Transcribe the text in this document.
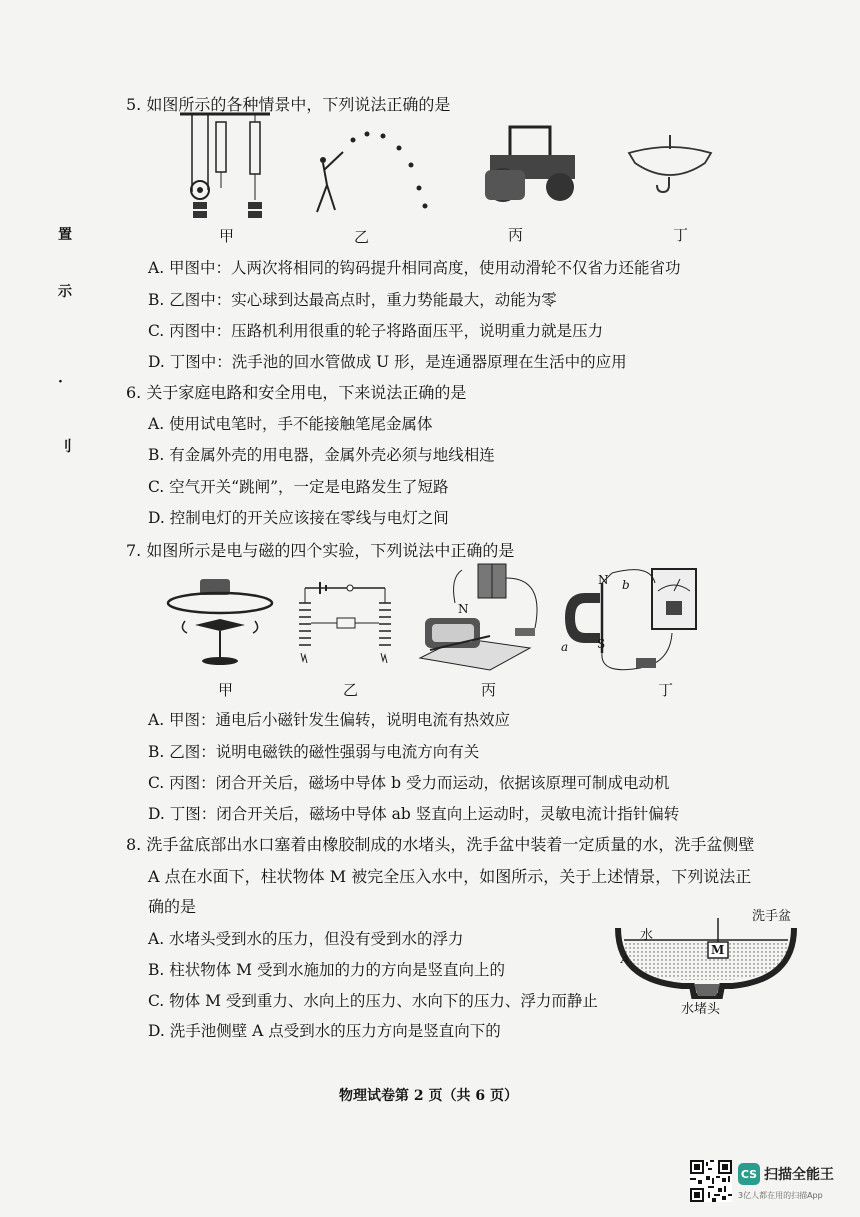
置
示
·
刂
5. 如图所示的各种情景中，下列说法正确的是
甲	乙	丙	丁
A. 甲图中：人两次将相同的钩码提升相同高度，使用动滑轮不仅省力还能省功
B. 乙图中：实心球到达最高点时，重力势能最大，动能为零
C. 丙图中：压路机利用很重的轮子将路面压平，说明重力就是压力
D. 丁图中：洗手池的回水管做成 U 形，是连通器原理在生活中的应用
6. 关于家庭电路和安全用电，下来说法正确的是
A. 使用试电笔时，手不能接触笔尾金属体
B. 有金属外壳的用电器，金属外壳必须与地线相连
C. 空气开关“跳闸”，一定是电路发生了短路
D. 控制电灯的开关应该接在零线与电灯之间
7. 如图所示是电与磁的四个实验，下列说法中正确的是
N
N b
a S
甲	乙	丙	丁
A. 甲图：通电后小磁针发生偏转，说明电流有热效应
B. 乙图：说明电磁铁的磁性强弱与电流方向有关
C. 丙图：闭合开关后，磁场中导体 b 受力而运动，依据该原理可制成电动机
D. 丁图：闭合开关后，磁场中导体 ab 竖直向上运动时，灵敏电流计指针偏转
8. 洗手盆底部出水口塞着由橡胶制成的水堵头，洗手盆中装着一定质量的水，洗手盆侧壁
A 点在水面下，柱状物体 M 被完全压入水中，如图所示，关于上述情景，下列说法正
确的是
洗手盆
水
M
A
水堵头
A. 水堵头受到水的压力，但没有受到水的浮力
B. 柱状物体 M 受到水施加的力的方向是竖直向上的
C. 物体 M 受到重力、水向上的压力、水向下的压力、浮力而静止
D. 洗手池侧壁 A 点受到水的压力方向是竖直向下的
物理试卷第 2 页（共 6 页）
CS 扫描全能王
3亿人都在用的扫描App
